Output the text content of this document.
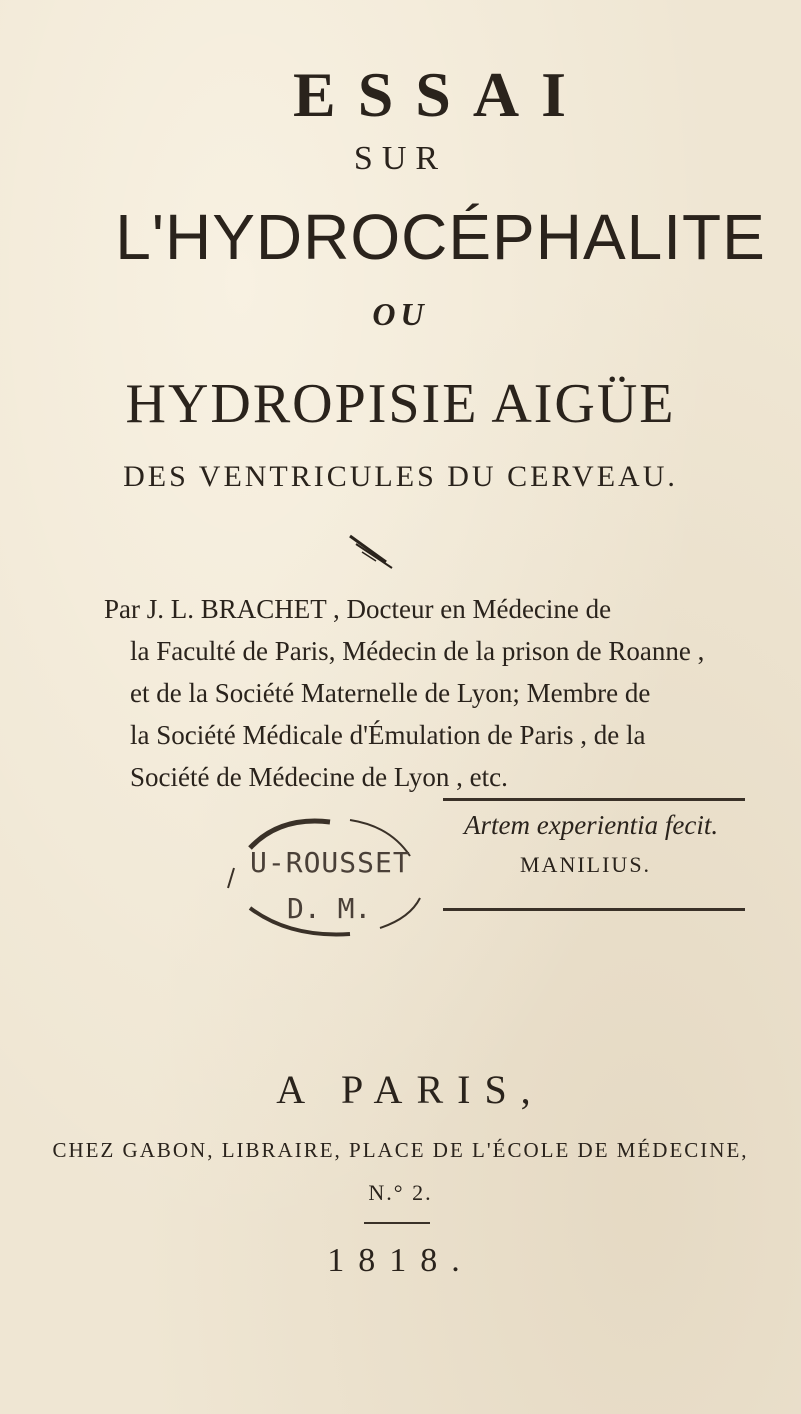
ESSAI
SUR
L'HYDROCÉPHALITE
OU
HYDROPISIE AIGÜE
DES VENTRICULES DU CERVEAU.
Par J. L. BRACHET , Docteur en Médecine de
la Faculté de Paris, Médecin de la prison de Roanne ,
et de la Société Maternelle de Lyon; Membre de
la Société Médicale d'Émulation de Paris , de la
Société de Médecine de Lyon , etc.
Artem experientia fecit.
MANILIUS.
U-ROUSSET
D. M.
A PARIS,
CHEZ GABON, LIBRAIRE, PLACE DE L'ÉCOLE DE MÉDECINE,
N.° 2.
1818.
